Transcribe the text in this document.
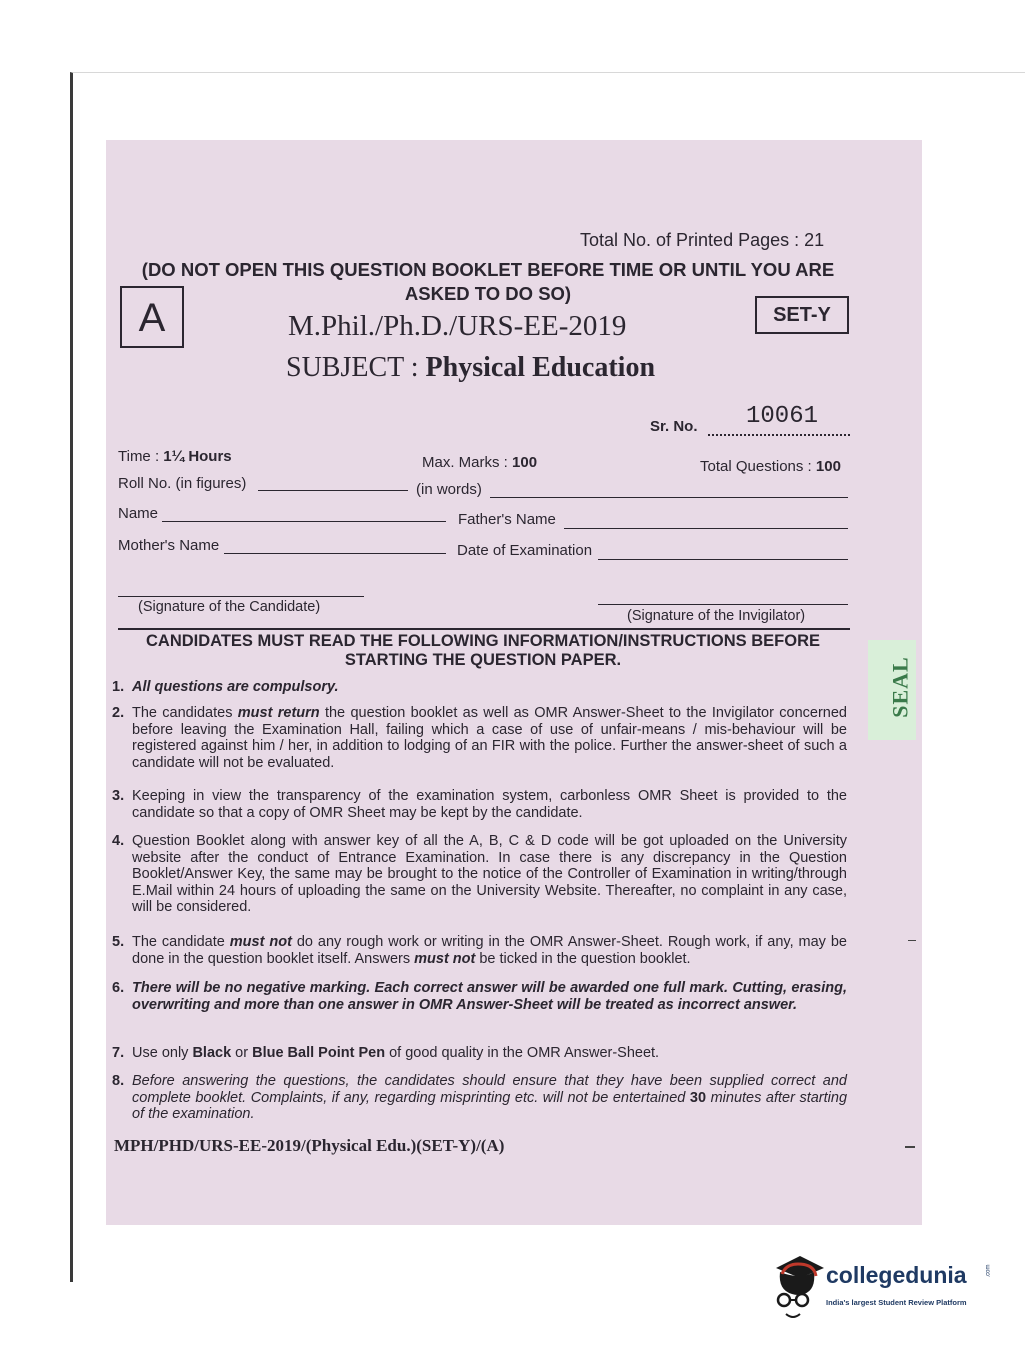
Total No. of Printed Pages : 21
(DO NOT OPEN THIS QUESTION BOOKLET BEFORE TIME OR UNTIL YOU ARE ASKED TO DO SO)
A	SET-Y
M.Phil./Ph.D./URS-EE-2019
SUBJECT : Physical Education
Sr. No. 10061
Time : 1¼ Hours	Max. Marks : 100	Total Questions : 100
Roll No. (in figures)	(in words)
Name	Father's Name
Mother's Name	Date of Examination
(Signature of the Candidate)
(Signature of the Invigilator)
CANDIDATES MUST READ THE FOLLOWING INFORMATION/INSTRUCTIONS BEFORE STARTING THE QUESTION PAPER.
1. All questions are compulsory.
2. The candidates must return the question booklet as well as OMR Answer-Sheet to the Invigilator concerned before leaving the Examination Hall, failing which a case of use of unfair-means / mis-behaviour will be registered against him / her, in addition to lodging of an FIR with the police. Further the answer-sheet of such a candidate will not be evaluated.
3. Keeping in view the transparency of the examination system, carbonless OMR Sheet is provided to the candidate so that a copy of OMR Sheet may be kept by the candidate.
4. Question Booklet along with answer key of all the A, B, C & D code will be got uploaded on the University website after the conduct of Entrance Examination. In case there is any discrepancy in the Question Booklet/Answer Key, the same may be brought to the notice of the Controller of Examination in writing/through E.Mail within 24 hours of uploading the same on the University Website. Thereafter, no complaint in any case, will be considered.
5. The candidate must not do any rough work or writing in the OMR Answer-Sheet. Rough work, if any, may be done in the question booklet itself. Answers must not be ticked in the question booklet.
6. There will be no negative marking. Each correct answer will be awarded one full mark. Cutting, erasing, overwriting and more than one answer in OMR Answer-Sheet will be treated as incorrect answer.
7. Use only Black or Blue Ball Point Pen of good quality in the OMR Answer-Sheet.
8. Before answering the questions, the candidates should ensure that they have been supplied correct and complete booklet. Complaints, if any, regarding misprinting etc. will not be entertained 30 minutes after starting of the examination.
MPH/PHD/URS-EE-2019/(Physical Edu.)(SET-Y)/(A)
SEAL
collegedunia	.com
India's largest Student Review Platform
